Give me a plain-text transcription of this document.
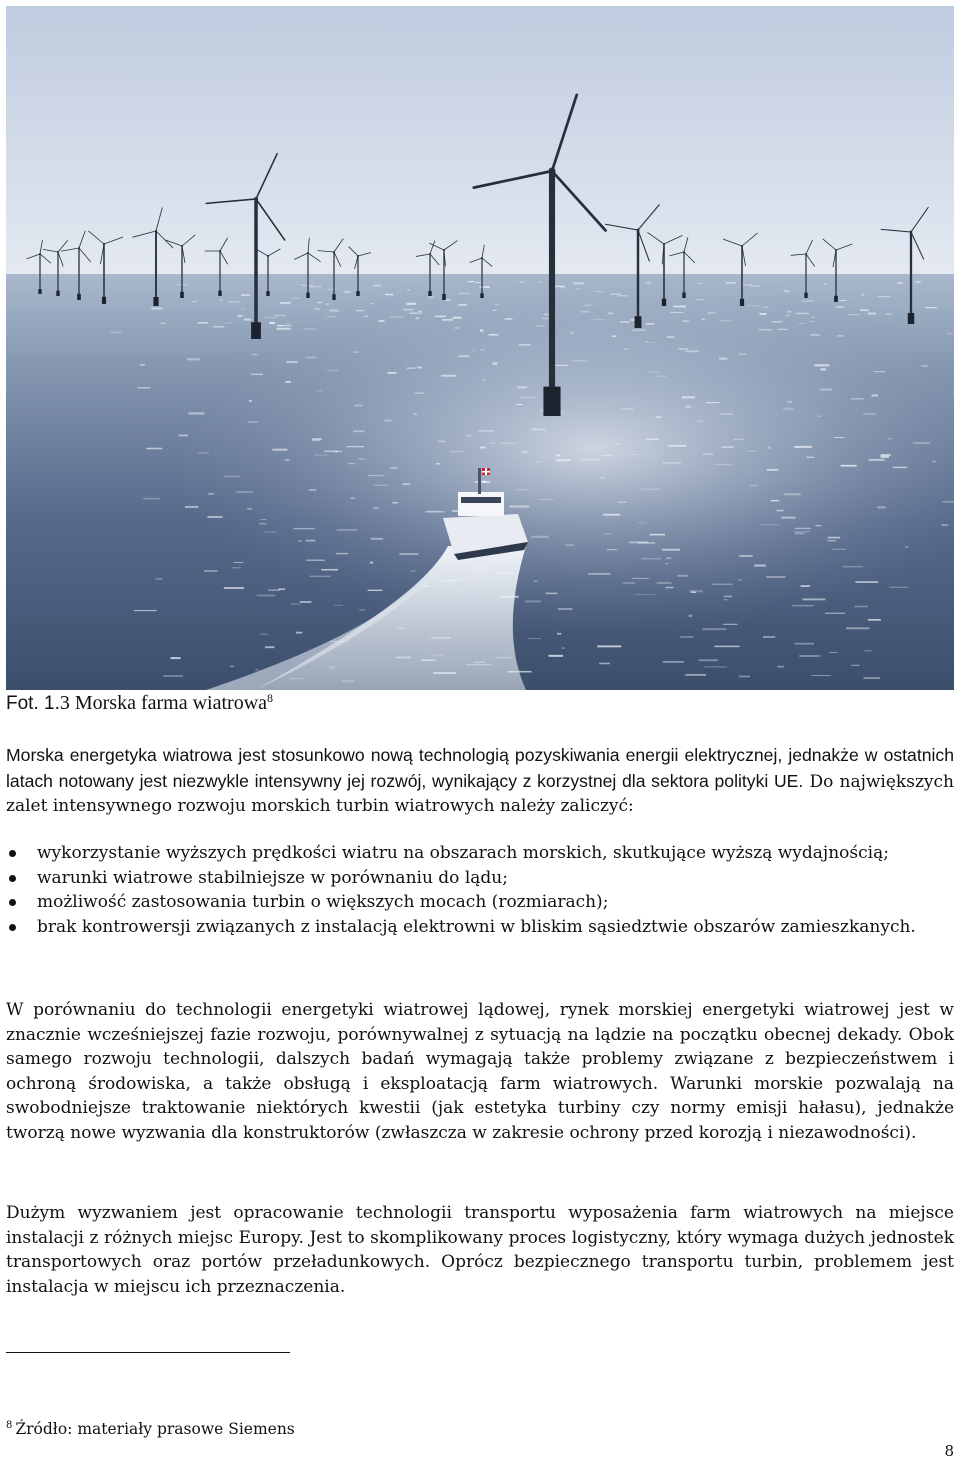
Fot. 1.3 Morska farma wiatrowa$^8$
Morska energetyka wiatrowa jest stosunkowo nową technologią pozyskiwania energii elektrycznej, jednakże w ostatnich latach notowany jest niezwykle intensywny jej rozwój, wynikający z korzystnej dla sektora polityki UE. Do największych zalet intensywnego rozwoju morskich turbin wiatrowych należy zaliczyć:
wykorzystanie wyższych prędkości wiatru na obszarach morskich, skutkujące wyższą wydajnością;
warunki wiatrowe stabilniejsze w porównaniu do lądu;
możliwość zastosowania turbin o większych mocach (rozmiarach);
brak kontrowersji związanych z instalacją elektrowni w bliskim sąsiedztwie obszarów zamieszkanych.
W porównaniu do technologii energetyki wiatrowej lądowej, rynek morskiej energetyki wiatrowej jest w znacznie wcześniejszej fazie rozwoju, porównywalnej z sytuacją na lądzie na początku obecnej dekady. Obok samego rozwoju technologii, dalszych badań wymagają także problemy związane z bezpieczeństwem i ochroną środowiska, a także obsługą i eksploatacją farm wiatrowych. Warunki morskie pozwalają na swobodniejsze traktowanie niektórych kwestii (jak estetyka turbiny czy normy emisji hałasu), jednakże tworzą nowe wyzwania dla konstruktorów (zwłaszcza w zakresie ochrony przed korozją i niezawodności).
Dużym wyzwaniem jest opracowanie technologii transportu wyposażenia farm wiatrowych na miejsce instalacji z różnych miejsc Europy. Jest to skomplikowany proces logistyczny, który wymaga dużych jednostek transportowych oraz portów przeładunkowych. Oprócz bezpiecznego transportu turbin, problemem jest instalacja w miejscu ich przeznaczenia.
$^8$ Źródło: materiały prasowe Siemens
8
